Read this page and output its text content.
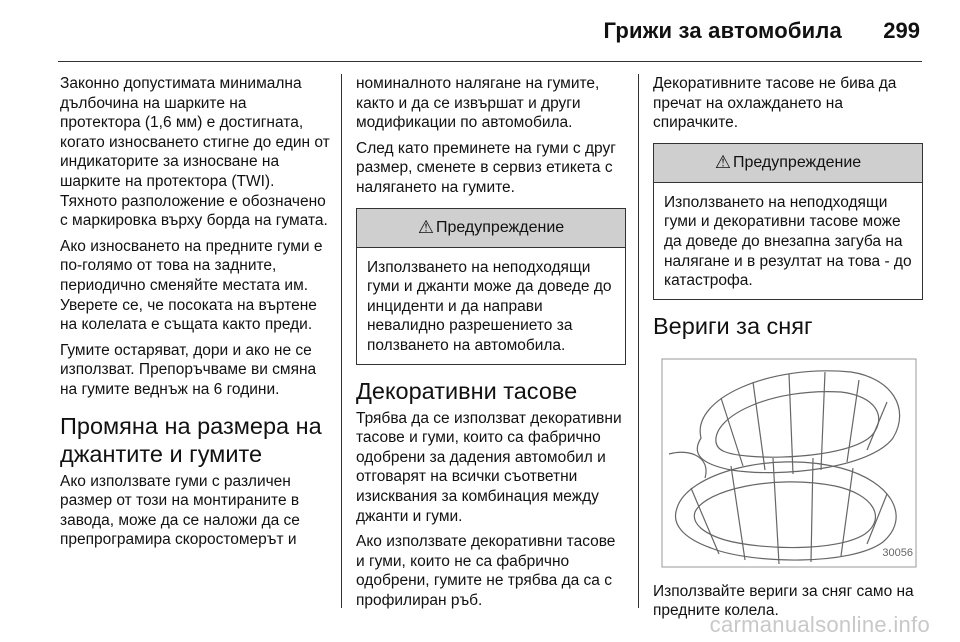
Грижи за автомобила 299

Законно допустимата минимална дълбочина на шарките на протектора (1,6 мм) е достигната, когато износването стигне до един от индикаторите за износване на шарките на протектора (TWI). Тяхното разположение е обозначено с маркировка върху борда на гумата.

Ако износването на предните гуми е по-голямо от това на задните, периодично сменяйте местата им. Уверете се, че посоката на въртене на колелата е същата както преди.

Гумите остаряват, дори и ако не се използват. Препоръчваме ви смяна на гумите веднъж на 6 години.

Промяна на размера на джантите и гумите

Ако използвате гуми с различен размер от този на монтираните в завода, може да се наложи да се препрограмира скоростомерът и

номиналното налягане на гумите, както и да се извършат и други модификации по автомобила.

След като преминете на гуми с друг размер, сменете в сервиз етикета с налягането на гумите.

⚠ Предупреждение
Използването на неподходящи гуми и джанти може да доведе до инциденти и да направи невалидно разрешението за ползването на автомобила.
Декоративни тасове

Трябва да се използват декоративни тасове и гуми, които са фабрично одобрени за дадения автомобил и отговарят на всички съответни изисквания за комбинация между джанти и гуми.

Ако използвате декоративни тасове и гуми, които не са фабрично одобрени, гумите не трябва да са с профилиран ръб.

Декоративните тасове не бива да пречат на охлаждането на спирачките.

⚠ Предупреждение
Използването на неподходящи гуми и декоративни тасове може да доведе до внезапна загуба на налягане и в резултат на това - до катастрофа.
Вериги за сняг
30056

Използвайте вериги за сняг само на предните колела.

carmanualsonline.info
